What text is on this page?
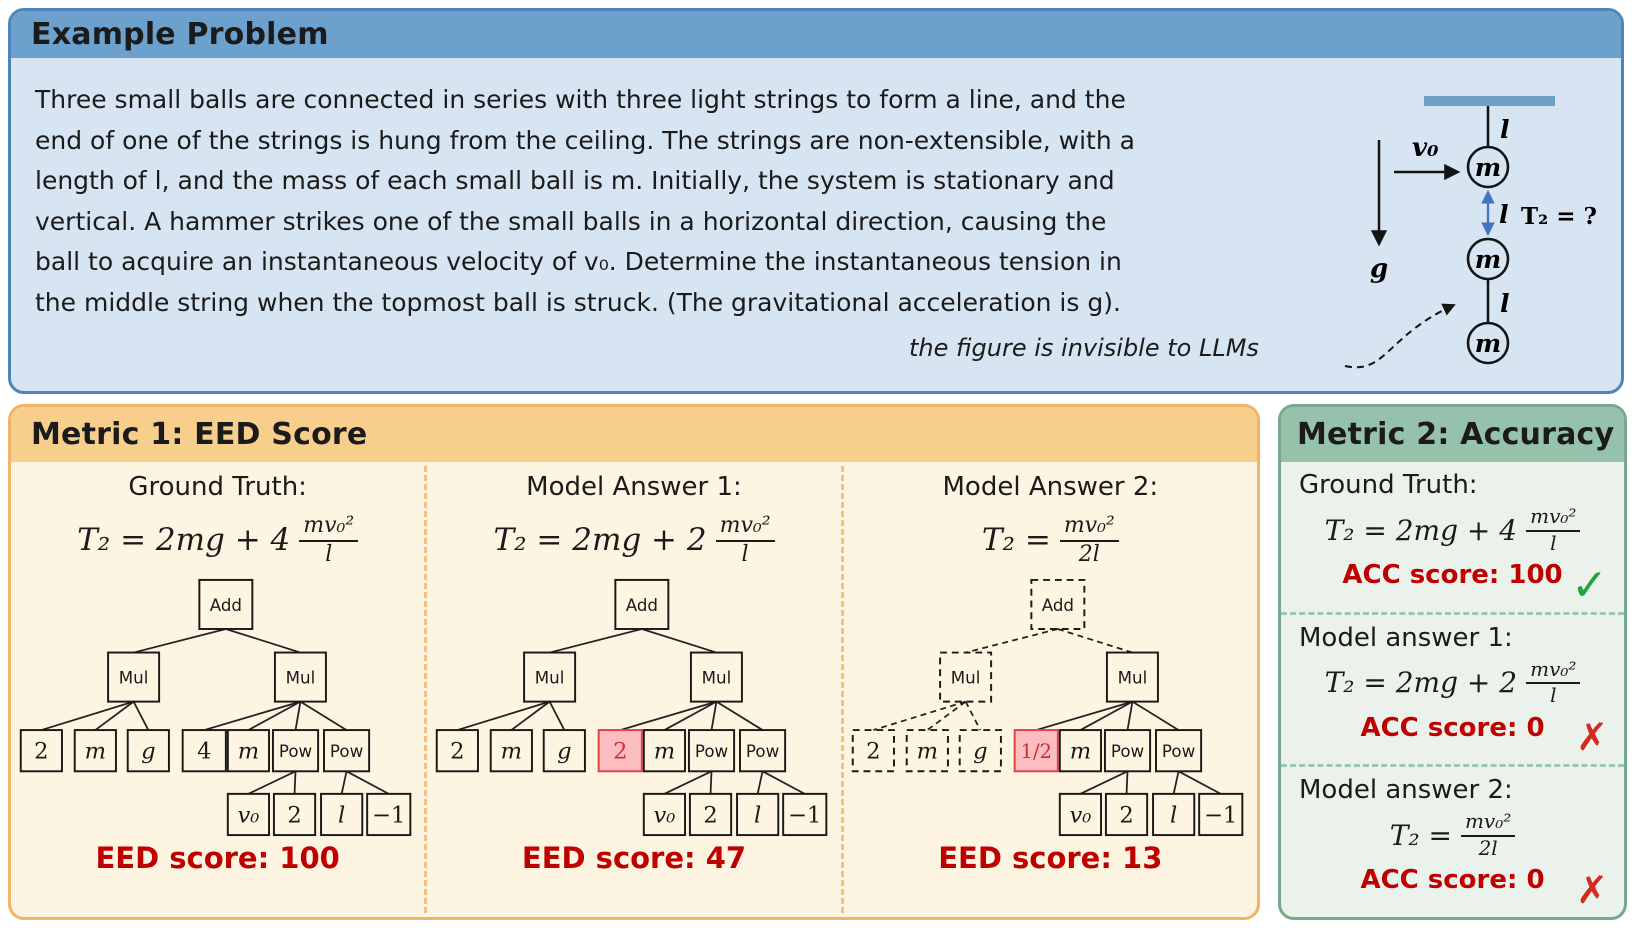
Example Problem
Three small balls are connected in series with three light strings to form a line, and the
end of one of the strings is hung from the ceiling. The strings are non-extensible, with a
length of l, and the mass of each small ball is m. Initially, the system is stationary and
vertical. A hammer strikes one of the small balls in a horizontal direction, causing the
ball to acquire an instantaneous velocity of v₀. Determine the instantaneous tension in
the middle string when the topmost ball is struck. (The gravitational acceleration is g).
the figure is invisible to LLMs
l
m
v₀
g
l T₂ = ?
m
l
m
Metric 1: EED Score
Ground Truth:
$T_2 = 2mg + 4 \frac{\text{mv₀²}}{l}$
Add
Mul	Mul
2 m g 4 m Pow Pow
v₀ 2 l −1
EED score: 100
Model Answer 1:
$T_2 = 2mg + 2 \frac{\text{mv₀²}}{l}$
Add
Mul	Mul
2 m g 2 m Pow Pow
v₀ 2 l −1
EED score: 47
Model Answer 2:
$T_2 = \frac{\text{mv₀²}}{2l}$
Add
Mul	Mul
2 m g 1/2 m Pow Pow
v₀ 2 l −1
EED score: 13
Metric 2: Accuracy
Ground Truth:
$T_2 = 2mg + 4 \frac{\text{mv₀²}}{l}$
ACC score: 100 ✓
Model answer 1:
$T_2 = 2mg + 2 \frac{\text{mv₀²}}{l}$
ACC score: 0 ✗
Model answer 2:
$T_2 = \frac{\text{mv₀²}}{2l}$
ACC score: 0 ✗
